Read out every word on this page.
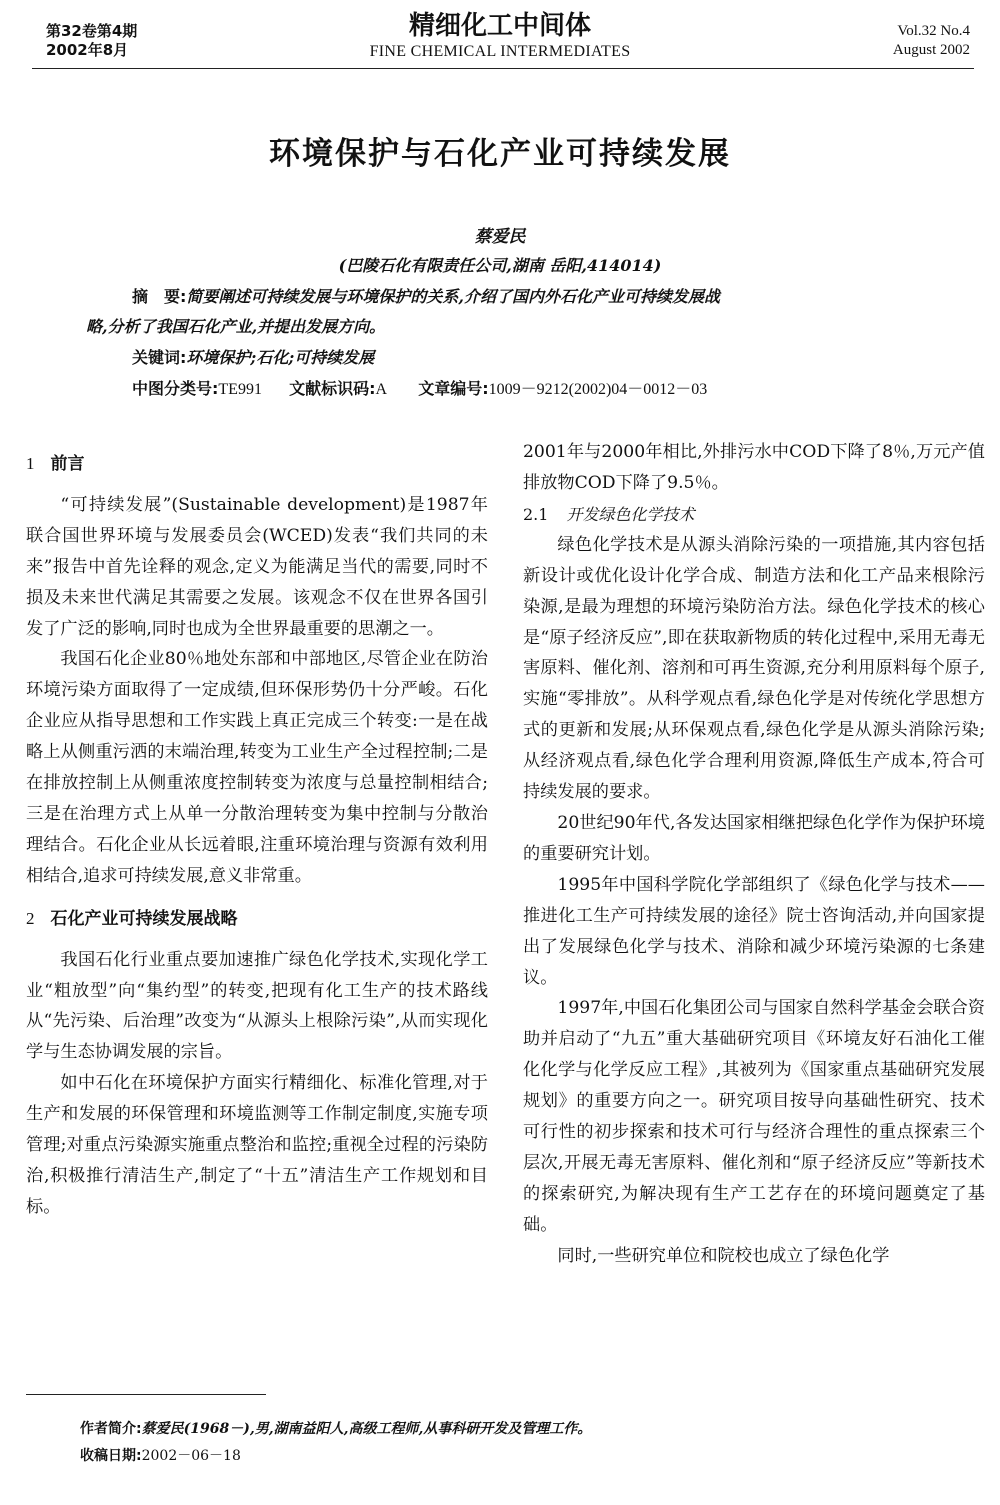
第32卷第4期
2002年8月
精细化工中间体
FINE CHEMICAL INTERMEDIATES
Vol.32 No.4
August 2002
环境保护与石化产业可持续发展
蔡爱民
(巴陵石化有限责任公司,湖南 岳阳,414014)
摘　要:简要阐述可持续发展与环境保护的关系,介绍了国内外石化产业可持续发展战
略,分析了我国石化产业,并提出发展方向。
关键词:环境保护;石化;可持续发展
中图分类号:TE991 文献标识码:A 文章编号:1009－9212(2002)04－0012－03
1 前言

“可持续发展”(Sustainable development)是1987年联合国世界环境与发展委员会(WCED)发表“我们共同的未来”报告中首先诠释的观念,定义为能满足当代的需要,同时不损及未来世代满足其需要之发展。该观念不仅在世界各国引发了广泛的影响,同时也成为全世界最重要的思潮之一。

我国石化企业80％地处东部和中部地区,尽管企业在防治环境污染方面取得了一定成绩,但环保形势仍十分严峻。石化企业应从指导思想和工作实践上真正完成三个转变:一是在战略上从侧重污洒的末端治理,转变为工业生产全过程控制;二是在排放控制上从侧重浓度控制转变为浓度与总量控制相结合;三是在治理方式上从单一分散治理转变为集中控制与分散治理结合。石化企业从长远着眼,注重环境治理与资源有效利用相结合,追求可持续发展,意义非常重。

2 石化产业可持续发展战略

我国石化行业重点要加速推广绿色化学技术,实现化学工业“粗放型”向“集约型”的转变,把现有化工生产的技术路线从“先污染、后治理”改变为“从源头上根除污染”,从而实现化学与生态协调发展的宗旨。

如中石化在环境保护方面实行精细化、标准化管理,对于生产和发展的环保管理和环境监测等工作制定制度,实施专项管理;对重点污染源实施重点整治和监控;重视全过程的污染防治,积极推行清洁生产,制定了“十五”清洁生产工作规划和目标。

2001年与2000年相比,外排污水中COD下降了8％,万元产值排放物COD下降了9.5％。

2.1 开发绿色化学技术

绿色化学技术是从源头消除污染的一项措施,其内容包括新设计或优化设计化学合成、制造方法和化工产品来根除污染源,是最为理想的环境污染防治方法。绿色化学技术的核心是“原子经济反应”,即在获取新物质的转化过程中,采用无毒无害原料、催化剂、溶剂和可再生资源,充分利用原料每个原子,实施“零排放”。从科学观点看,绿色化学是对传统化学思想方式的更新和发展;从环保观点看,绿色化学是从源头消除污染;从经济观点看,绿色化学合理利用资源,降低生产成本,符合可持续发展的要求。

20世纪90年代,各发达国家相继把绿色化学作为保护环境的重要研究计划。

1995年中国科学院化学部组织了《绿色化学与技术——推进化工生产可持续发展的途径》院士咨询活动,并向国家提出了发展绿色化学与技术、消除和减少环境污染源的七条建议。

1997年,中国石化集团公司与国家自然科学基金会联合资助并启动了“九五”重大基础研究项目《环境友好石油化工催化化学与化学反应工程》,其被列为《国家重点基础研究发展规划》的重要方向之一。研究项目按导向基础性研究、技术可行性的初步探索和技术可行与经济合理性的重点探索三个层次,开展无毒无害原料、催化剂和“原子经济反应”等新技术的探索研究,为解决现有生产工艺存在的环境问题奠定了基础。

同时,一些研究单位和院校也成立了绿色化学

作者简介:蔡爱民(1968－),男,湖南益阳人,高级工程师,从事科研开发及管理工作。
收稿日期:2002－06－18
